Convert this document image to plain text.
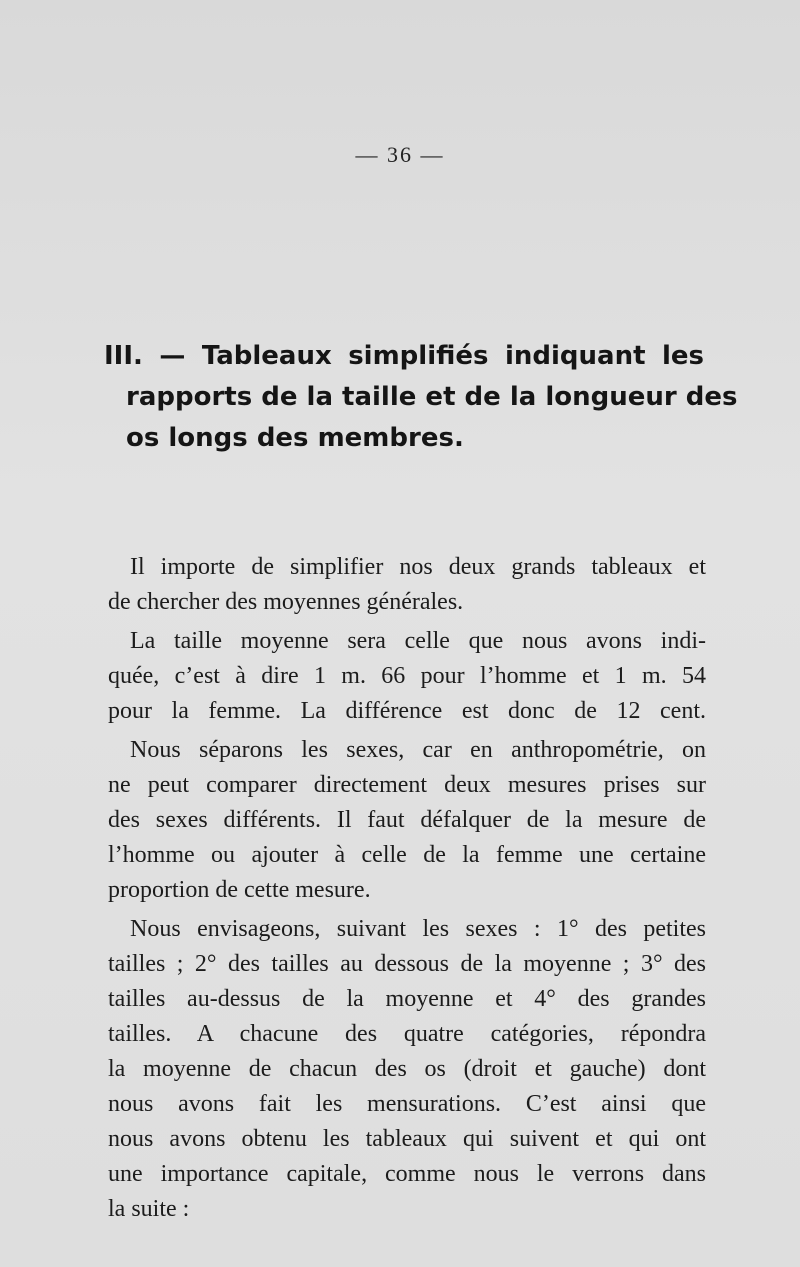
— 36 —
III. — Tableaux simplifiés indiquant les
rapports de la taille et de la longueur des
os longs des membres.
Il importe de simplifier nos deux grands tableaux et
de chercher des moyennes générales.
La taille moyenne sera celle que nous avons indi-
quée, c’est à dire 1 m. 66 pour l’homme et 1 m. 54
pour la femme. La différence est donc de 12 cent.
Nous séparons les sexes, car en anthropométrie, on
ne peut comparer directement deux mesures prises sur
des sexes différents. Il faut défalquer de la mesure de
l’homme ou ajouter à celle de la femme une certaine
proportion de cette mesure.
Nous envisageons, suivant les sexes : 1° des petites
tailles ; 2° des tailles au dessous de la moyenne ; 3° des
tailles au-dessus de la moyenne et 4° des grandes
tailles. A chacune des quatre catégories, répondra
la moyenne de chacun des os (droit et gauche) dont
nous avons fait les mensurations. C’est ainsi que
nous avons obtenu les tableaux qui suivent et qui ont
une importance capitale, comme nous le verrons dans
la suite :
